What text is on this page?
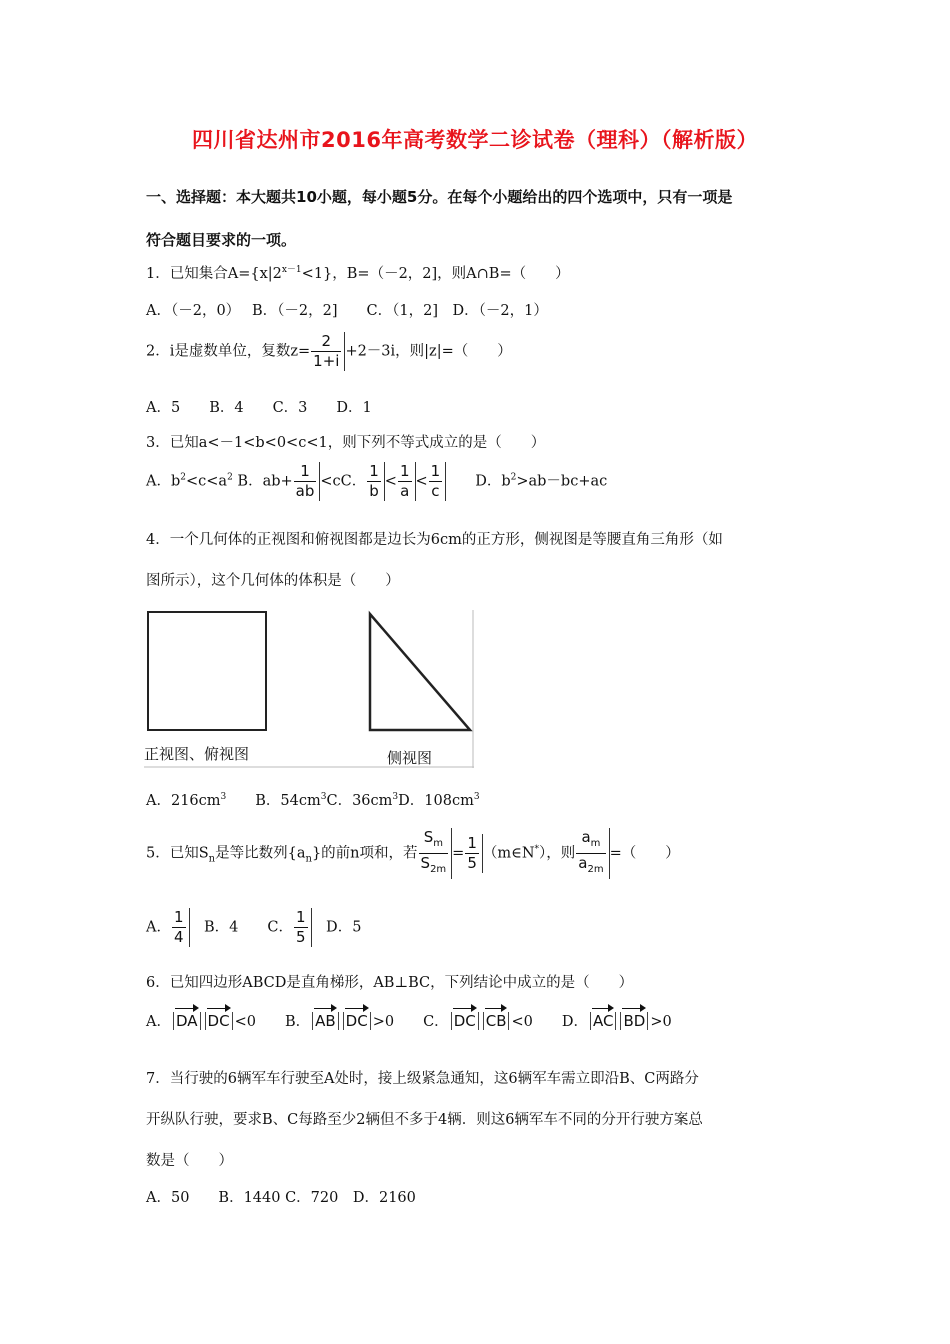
四川省达州市2016年高考数学二诊试卷（理科）（解析版）
一、选择题：本大题共10小题，每小题5分。在每个小题给出的四个选项中，只有一项是
符合题目要求的一项。
1．已知集合$A=\{x|2^{x-1}<1\}$，B=（－2，2]，则A∩B=（　　）
A．（－2，0）　 B．（－2，2]　　C．（1，2]　D．（－2，1）
2．i是虚数单位，复数$z= \frac{2}{1+i} +2-3i$，则|z|=（　　）
A．5　　B．4　　C．3　　D．1
3．已知a<－1<b<0<c<1，则下列不等式成立的是（　　）
A．$b^2<c<a^2$ B．$ab+ \frac{1}{ab} <cC$． $\frac{1}{b} < \frac{1}{a} < \frac{1}{c}$ 　　D．$b^2>ab-bc+ac$
4．一个几何体的正视图和俯视图都是边长为6cm的正方形，侧视图是等腰直角三角形（如
图所示），这个几何体的体积是（　　）
正视图、俯视图	侧视图
A．$216cm^3$　　B．$54cm^3C$．$36cm^3D$．$108cm^3$
5．已知$S_n$是等比数列$\{a_n\}$的前n项和，若 $\frac{S_m}{S_{2m}} = \frac{1}{5}$ （m∈N*），则 $\frac{a_m}{a_{2m}}$ =（　　）
A． $\frac{1}{4}$ 　B．4　　C． $\frac{1}{5}$ 　D．5
6．已知四边形ABCD是直角梯形，AB⊥BC，下列结论中成立的是（　　）
A． DA DC <0　　B． AB DC >0　　C． DC CB <0　　D． AC BD >0
7．当行驶的6辆军车行驶至A处时，接上级紧急通知，这6辆军车需立即沿B、C两路分
开纵队行驶，要求B、C每路至少2辆但不多于4辆．则这6辆军车不同的分开行驶方案总
数是（　　）
A．50　　B．1440 C．720　D．2160
